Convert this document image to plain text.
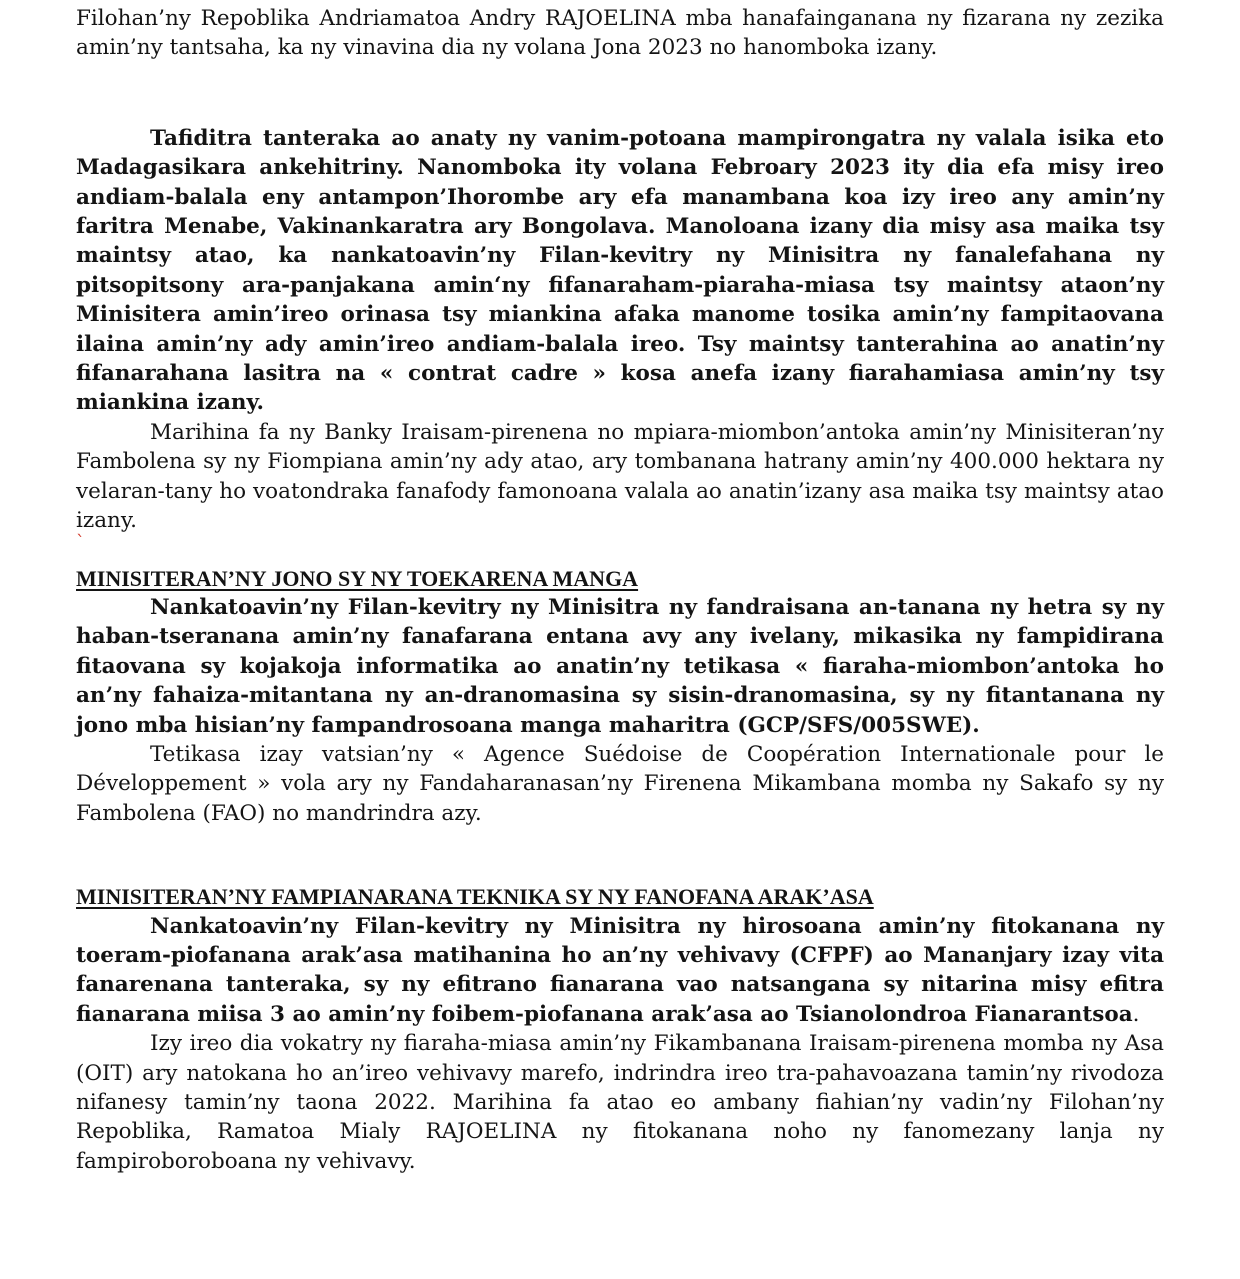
Filohan’ny Repoblika Andriamatoa Andry RAJOELINA mba hanafainganana ny fizarana ny zezika amin’ny tantsaha, ka ny vinavina dia ny volana Jona 2023 no hanomboka izany.

Tafiditra tanteraka ao anaty ny vanim-potoana mampirongatra ny valala isika eto Madagasikara ankehitriny. Nanomboka ity volana Febroary 2023 ity dia efa misy ireo andiam-balala eny antampon’Ihorombe ary efa manambana koa izy ireo any amin’ny faritra Menabe, Vakinankaratra ary Bongolava. Manoloana izany dia misy asa maika tsy maintsy atao, ka nankatoavin’ny Filan-kevitry ny Minisitra ny fanalefahana ny pitsopitsony ara-panjakana amin‘ny fifanaraham-piaraha-miasa tsy maintsy ataon’ny Minisitera amin’ireo orinasa tsy miankina afaka manome tosika amin’ny fampitaovana ilaina amin’ny ady amin’ireo andiam-balala ireo. Tsy maintsy tanterahina ao anatin’ny fifanarahana lasitra na « contrat cadre » kosa anefa izany fiarahamiasa amin’ny tsy miankina izany.

Marihina fa ny Banky Iraisam-pirenena no mpiara-miombon’antoka amin’ny Minisiteran’ny Fambolena sy ny Fiompiana amin’ny ady atao, ary tombanana hatrany amin’ny 400.000 hektara ny velaran-tany ho voatondraka fanafody famonoana valala ao anatin’izany asa maika tsy maintsy atao izany.

`
MINISITERAN’NY JONO SY NY TOEKARENA MANGA

Nankatoavin’ny Filan-kevitry ny Minisitra ny fandraisana an-tanana ny hetra sy ny haban-tseranana amin’ny fanafarana entana avy any ivelany, mikasika ny fampidirana fitaovana sy kojakoja informatika ao anatin’ny tetikasa « fiaraha-miombon’antoka ho an’ny fahaiza-mitantana ny an-dranomasina sy sisin-dranomasina, sy ny fitantanana ny jono mba hisian’ny fampandrosoana manga maharitra (GCP/SFS/005SWE).

Tetikasa izay vatsian’ny « Agence Suédoise de Coopération Internationale pour le Développement » vola ary ny Fandaharanasan’ny Firenena Mikambana momba ny Sakafo sy ny Fambolena (FAO) no mandrindra azy.

MINISITERAN’NY FAMPIANARANA TEKNIKA SY NY FANOFANA ARAK’ASA

Nankatoavin’ny Filan-kevitry ny Minisitra ny hirosoana amin’ny fitokanana ny toeram-piofanana arak’asa matihanina ho an’ny vehivavy (CFPF) ao Mananjary izay vita fanarenana tanteraka, sy ny efitrano fianarana vao natsangana sy nitarina misy efitra fianarana miisa 3 ao amin’ny foibem-piofanana arak’asa ao Tsianolondroa Fianarantsoa.

Izy ireo dia vokatry ny fiaraha-miasa amin’ny Fikambanana Iraisam-pirenena momba ny Asa (OIT) ary natokana ho an’ireo vehivavy marefo, indrindra ireo tra-pahavoazana tamin’ny rivodoza nifanesy tamin’ny taona 2022. Marihina fa atao eo ambany fiahian’ny vadin’ny Filohan’ny Repoblika, Ramatoa Mialy RAJOELINA ny fitokanana noho ny fanomezany lanja ny fampiroboroboana ny vehivavy.
